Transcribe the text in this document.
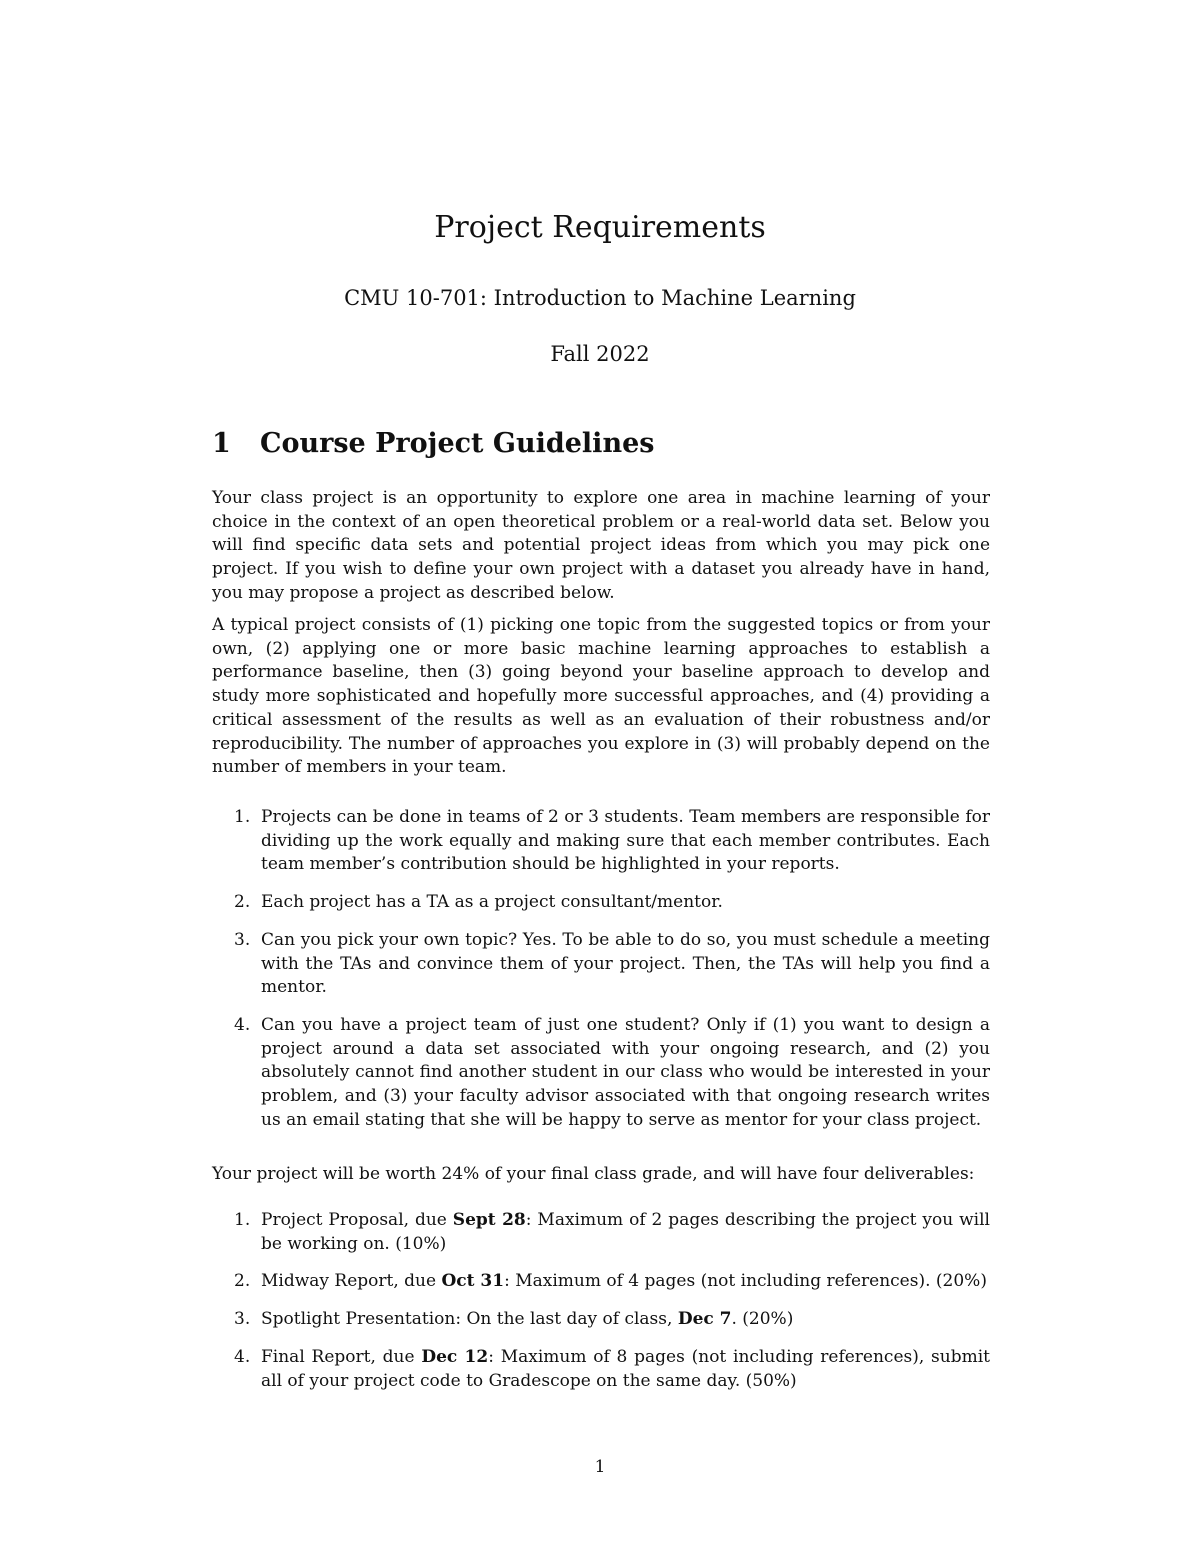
Project Requirements
CMU 10-701: Introduction to Machine Learning
Fall 2022
1	Course Project Guidelines

Your class project is an opportunity to explore one area in machine learning of your choice in the context of an open theoretical problem or a real-world data set. Below you will find specific data sets and potential project ideas from which you may pick one project. If you wish to define your own project with a dataset you already have in hand, you may propose a project as described below.

A typical project consists of (1) picking one topic from the suggested topics or from your own, (2) applying one or more basic machine learning approaches to establish a performance baseline, then (3) going beyond your baseline approach to develop and study more sophisticated and hopefully more successful approaches, and (4) providing a critical assessment of the results as well as an evaluation of their robustness and/or reproducibility. The number of approaches you explore in (3) will probably depend on the number of members in your team.

1. Projects can be done in teams of 2 or 3 students. Team members are responsible for dividing up the work equally and making sure that each member contributes. Each team member’s contribution should be highlighted in your reports.
2. Each project has a TA as a project consultant/mentor.
3. Can you pick your own topic? Yes. To be able to do so, you must schedule a meeting with the TAs and convince them of your project. Then, the TAs will help you find a mentor.
4. Can you have a project team of just one student? Only if (1) you want to design a project around a data set associated with your ongoing research, and (2) you absolutely cannot find another student in our class who would be interested in your problem, and (3) your faculty advisor associated with that ongoing research writes us an email stating that she will be happy to serve as mentor for your class project.

Your project will be worth 24% of your final class grade, and will have four deliverables:

1. Project Proposal, due Sept 28: Maximum of 2 pages describing the project you will be working on. (10%)
2. Midway Report, due Oct 31: Maximum of 4 pages (not including references). (20%)
3. Spotlight Presentation: On the last day of class, Dec 7. (20%)
4. Final Report, due Dec 12: Maximum of 8 pages (not including references), submit all of your project code to Gradescope on the same day. (50%)
1
